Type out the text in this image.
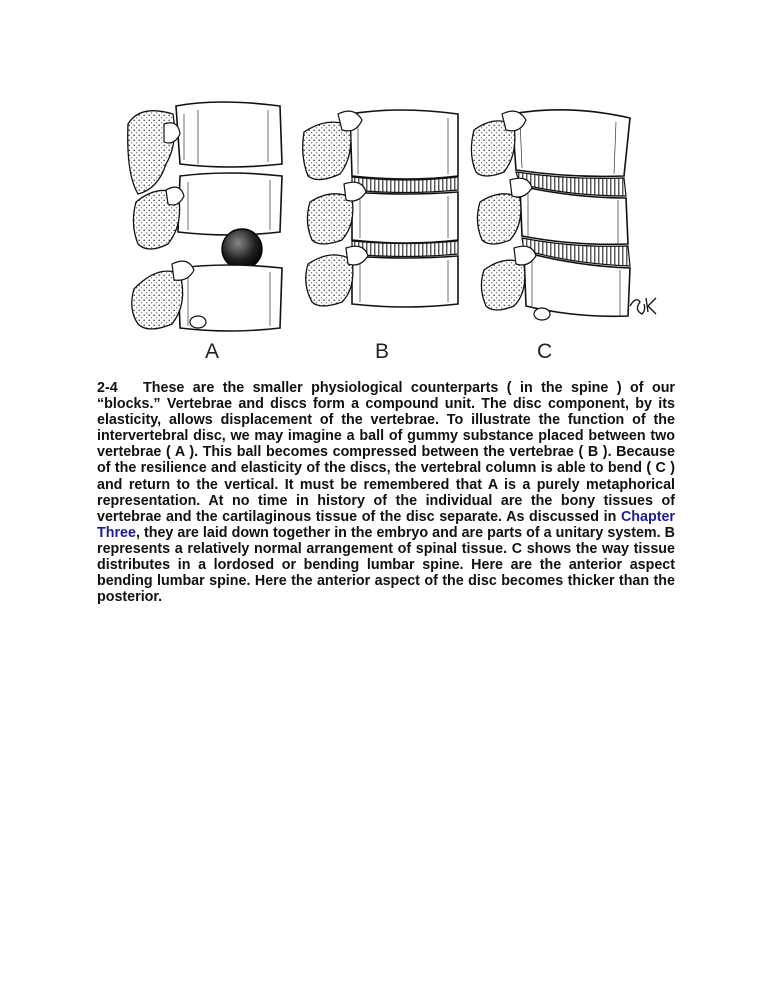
A	B	C
2-4 These are the smaller physiological counterparts ( in the spine ) of our “blocks.” Vertebrae and discs form a compound unit. The disc component, by its elasticity, allows displacement of the vertebrae. To illustrate the function of the intervertebral disc, we may imagine a ball of gummy substance placed between two vertebrae ( A ). This ball becomes compressed between the vertebrae ( B ). Because of the resilience and elasticity of the discs, the vertebral column is able to bend ( C ) and return to the vertical. It must be remembered that A is a purely metaphorical representation. At no time in history of the individual are the bony tissues of vertebrae and the cartilaginous tissue of the disc separate. As discussed in Chapter Three, they are laid down together in the embryo and are parts of a unitary system. B represents a relatively normal arrangement of spinal tissue. C shows the way tissue distributes in a lordosed or bending lumbar spine. Here are the anterior aspect bending lumbar spine. Here the anterior aspect of the disc becomes thicker than the posterior.
